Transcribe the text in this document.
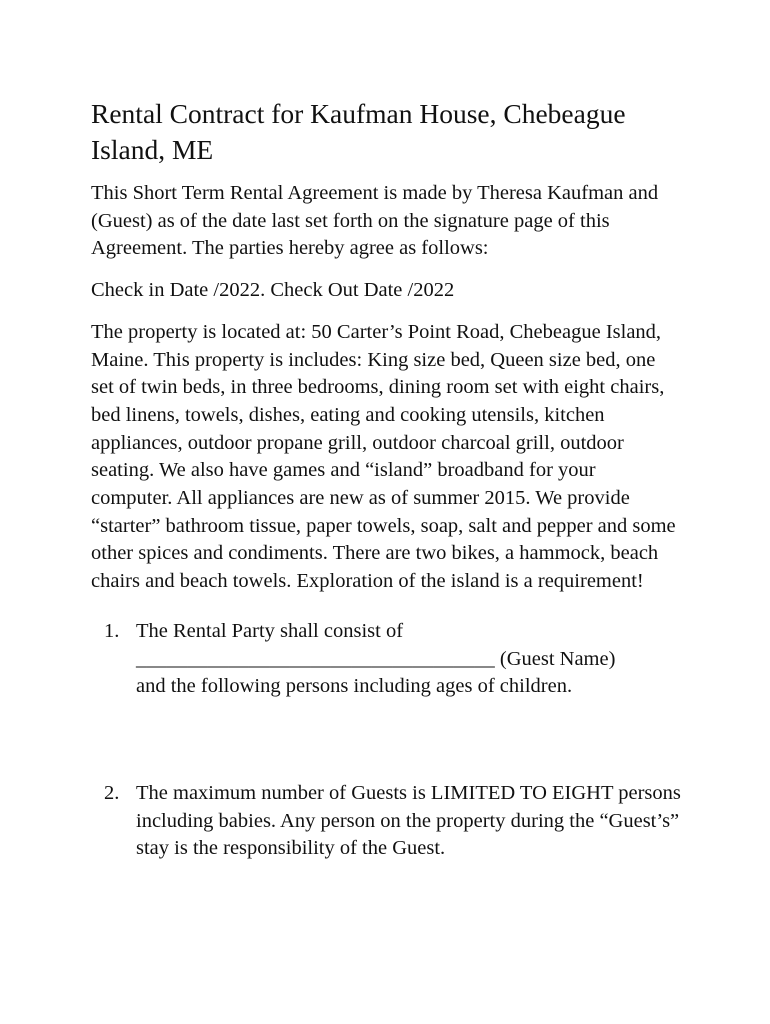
Rental Contract for Kaufman House, Chebeague Island, ME

This Short Term Rental Agreement is made by Theresa Kaufman and (Guest) as of the date last set forth on the signature page of this Agreement. The parties hereby agree as follows:

Check in Date /2022. Check Out Date /2022

The property is located at: 50 Carter’s Point Road, Chebeague Island, Maine. This property is includes: King size bed, Queen size bed, one set of twin beds, in three bedrooms, dining room set with eight chairs, bed linens, towels, dishes, eating and cooking utensils, kitchen appliances, outdoor propane grill, outdoor charcoal grill, outdoor seating. We also have games and “island” broadband for your computer. All appliances are new as of summer 2015. We provide “starter” bathroom tissue, paper towels, soap, salt and pepper and some other spices and condiments. There are two bikes, a hammock, beach chairs and beach towels. Exploration of the island is a requirement!

1. The Rental Party shall consist of
___________________________________ (Guest Name)
and the following persons including ages of children.
2. The maximum number of Guests is LIMITED TO EIGHT persons including babies. Any person on the property during the “Guest’s” stay is the responsibility of the Guest.
